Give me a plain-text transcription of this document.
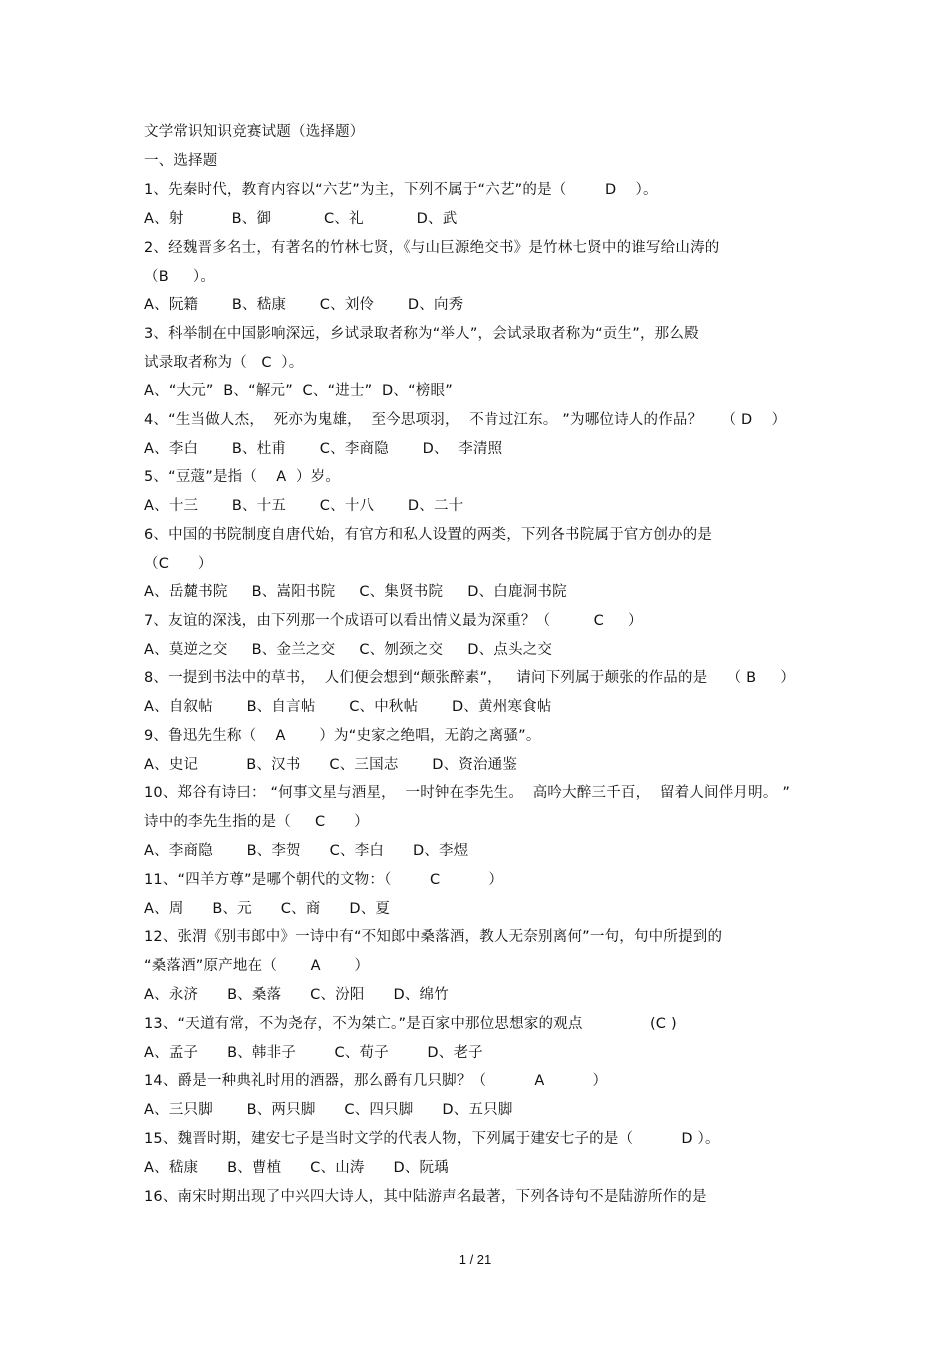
文学常识知识竞赛试题（选择题）
一、选择题
1、先秦时代，教育内容以“六艺”为主，下列不属于“六艺”的是（        D    ）。
A、射          B、御           C、礼           D、武
2、经魏晋多名士，有著名的竹林七贤，《与山巨源绝交书》是竹林七贤中的谁写给山涛的
（B     ）。
A、阮籍       B、嵇康       C、刘伶       D、向秀
3、科举制在中国影响深远，乡试录取者称为“举人”，会试录取者称为“贡生”，那么殿
试录取者称为（   C  ）。
A、“大元”  B、“解元”  C、“进士”  D、“榜眼”
4、“生当做人杰，  死亦为鬼雄，  至今思项羽，  不肯过江东。 ”为哪位诗人的作品？    （ D    ）
A、李白       B、杜甫       C、李商隐       D、  李清照
5、“豆蔻”是指（    A  ）岁。
A、十三       B、十五       C、十八       D、二十
6、中国的书院制度自唐代始，有官方和私人设置的两类，下列各书院属于官方创办的是
（C      ）
A、岳麓书院     B、嵩阳书院     C、集贤书院     D、白鹿洞书院
7、友谊的深浅，由下列那一个成语可以看出情义最为深重？（         C     ）
A、莫逆之交     B、金兰之交     C、刎颈之交     D、点头之交
8、一提到书法中的草书，  人们便会想到“颠张醉素”，   请问下列属于颠张的作品的是    （ B     ）
A、自叙帖       B、自言帖       C、中秋帖       D、黄州寒食帖
9、鲁迅先生称（    A       ）为“史家之绝唱，无韵之离骚”。
A、史记          B、汉书      C、三国志       D、资治通鉴
10、郑谷有诗曰： “何事文星与酒星，  一时钟在李先生。  高吟大醉三千百，  留着人间伴月明。 ”
诗中的李先生指的是（     C      ）
A、李商隐       B、李贺      C、李白      D、李煜
11、“四羊方尊”是哪个朝代的文物：（        C          ）
A、周      B、元      C、商      D、夏
12、张渭《别韦郎中》一诗中有“不知郎中桑落酒，教人无奈别离何”一句，句中所提到的
“桑落酒”原产地在（       A       ）
A、永济      B、桑落      C、汾阳      D、绵竹
13、“天道有常，不为尧存，不为桀亡。”是百家中那位思想家的观点              (C )
A、孟子      B、韩非子        C、荀子        D、老子
14、爵是一种典礼时用的酒器，那么爵有几只脚？（          A          ）
A、三只脚       B、两只脚      C、四只脚      D、五只脚
15、魏晋时期，建安七子是当时文学的代表人物，下列属于建安七子的是（          D ）。
A、嵇康      B、曹植      C、山涛      D、阮瑀
16、南宋时期出现了中兴四大诗人，其中陆游声名最著，下列各诗句不是陆游所作的是
1 / 21
